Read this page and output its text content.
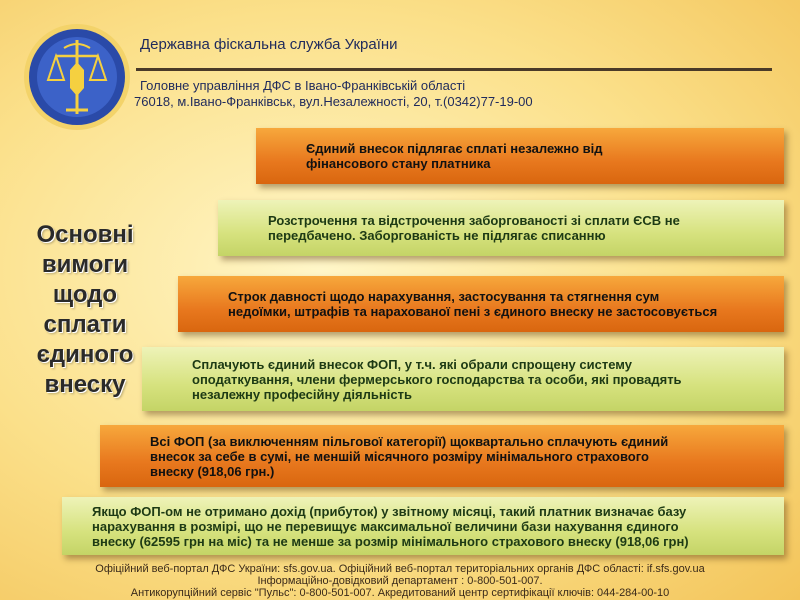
Державна фіскальна служба України
Головне управління ДФС в Івано-Франківській області
76018, м.Івано-Франківськ, вул.Незалежності, 20, т.(0342)77-19-00
Основні
вимоги
щодо сплати
єдиного
внеску
Єдиний внесок підлягає сплаті незалежно від
фінансового стану платника
Розстрочення та відстрочення заборгованості зі сплати ЄСВ не
передбачено. Заборгованість не підлягає списанню
Строк давності щодо нарахування, застосування та стягнення сум
недоїмки, штрафів та нарахованої пені з єдиного внеску не застосовується
Сплачують єдиний внесок ФОП, у т.ч. які обрали спрощену систему
оподаткування, члени фермерського господарства та особи, які провадять
незалежну професійну діяльність
Всі ФОП (за виключенням пільгової категорії) щоквартально сплачують єдиний
внесок за себе в сумі, не меншій місячного розміру мінімального страхового
внеску (918,06 грн.)
Якщо ФОП-ом не отримано дохід (прибуток) у звітному місяці, такий платник визначає базу
нарахування в розмірі, що не перевищує максимальної величини бази нахування єдиного
внеску (62595 грн на міс) та не менше за розмір мінімального страхового внеску (918,06 грн)
Офіційний веб-портал ДФС України: sfs.gov.ua. Офіційний веб-портал територіальних органів ДФС області: if.sfs.gov.ua
Інформаційно-довідковий департамент : 0-800-501-007.
Антикорупційний сервіс "Пульс": 0-800-501-007. Акредитований центр сертифікації ключів: 044-284-00-10
